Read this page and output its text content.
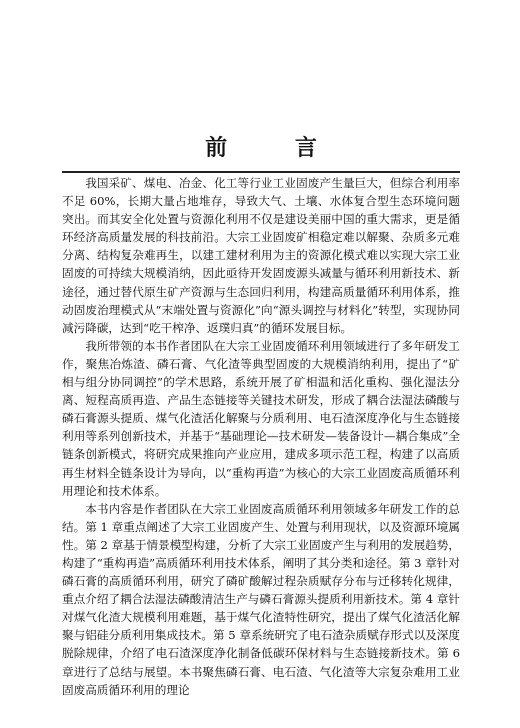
前 言

我国采矿、煤电、冶金、化工等行业工业固废产生量巨大，但综合利用率不足 60%，长期大量占地堆存，导致大气、土壤、水体复合型生态环境问题突出。而其安全化处置与资源化利用不仅是建设美丽中国的重大需求，更是循环经济高质量发展的科技前沿。大宗工业固废矿相稳定难以解聚、杂质多元难分离、结构复杂难再生，以建工建材利用为主的资源化模式难以实现大宗工业固废的可持续大规模消纳，因此亟待开发固废源头减量与循环利用新技术、新途径，通过替代原生矿产资源与生态回归利用，构建高质量循环利用体系，推动固废治理模式从“末端处置与资源化”向“源头调控与材料化”转型，实现协同减污降碳，达到“吃干榨净、返璞归真”的循环发展目标。

我所带领的本书作者团队在大宗工业固废循环利用领域进行了多年研发工作，聚焦冶炼渣、磷石膏、气化渣等典型固废的大规模消纳利用，提出了“矿相与组分协同调控”的学术思路，系统开展了矿相温和活化重构、强化湿法分离、短程高质再造、产品生态链接等关键技术研发，形成了耦合法湿法磷酸与磷石膏源头提质、煤气化渣活化解聚与分质利用、电石渣深度净化与生态链接利用等系列创新技术，并基于“基础理论—技术研发—装备设计—耦合集成”全链条创新模式，将研究成果推向产业应用，建成多项示范工程，构建了以高质再生材料全链条设计为导向，以“重构再造”为核心的大宗工业固废高质循环利用理论和技术体系。

本书内容是作者团队在大宗工业固废高质循环利用领域多年研发工作的总结。第 1 章重点阐述了大宗工业固废产生、处置与利用现状，以及资源环境属性。第 2 章基于情景模型构建，分析了大宗工业固废产生与利用的发展趋势，构建了“重构再造”高质循环利用技术体系，阐明了其分类和途径。第 3 章针对磷石膏的高质循环利用，研究了磷矿酸解过程杂质赋存分布与迁移转化规律，重点介绍了耦合法湿法磷酸清洁生产与磷石膏源头提质利用新技术。第 4 章针对煤气化渣大规模利用难题，基于煤气化渣特性研究，提出了煤气化渣活化解聚与铝硅分质利用集成技术。第 5 章系统研究了电石渣杂质赋存形式以及深度脱除规律，介绍了电石渣深度净化制备低碳环保材料与生态链接新技术。第 6 章进行了总结与展望。本书聚焦磷石膏、电石渣、气化渣等大宗复杂难用工业固废高质循环利用的理论
